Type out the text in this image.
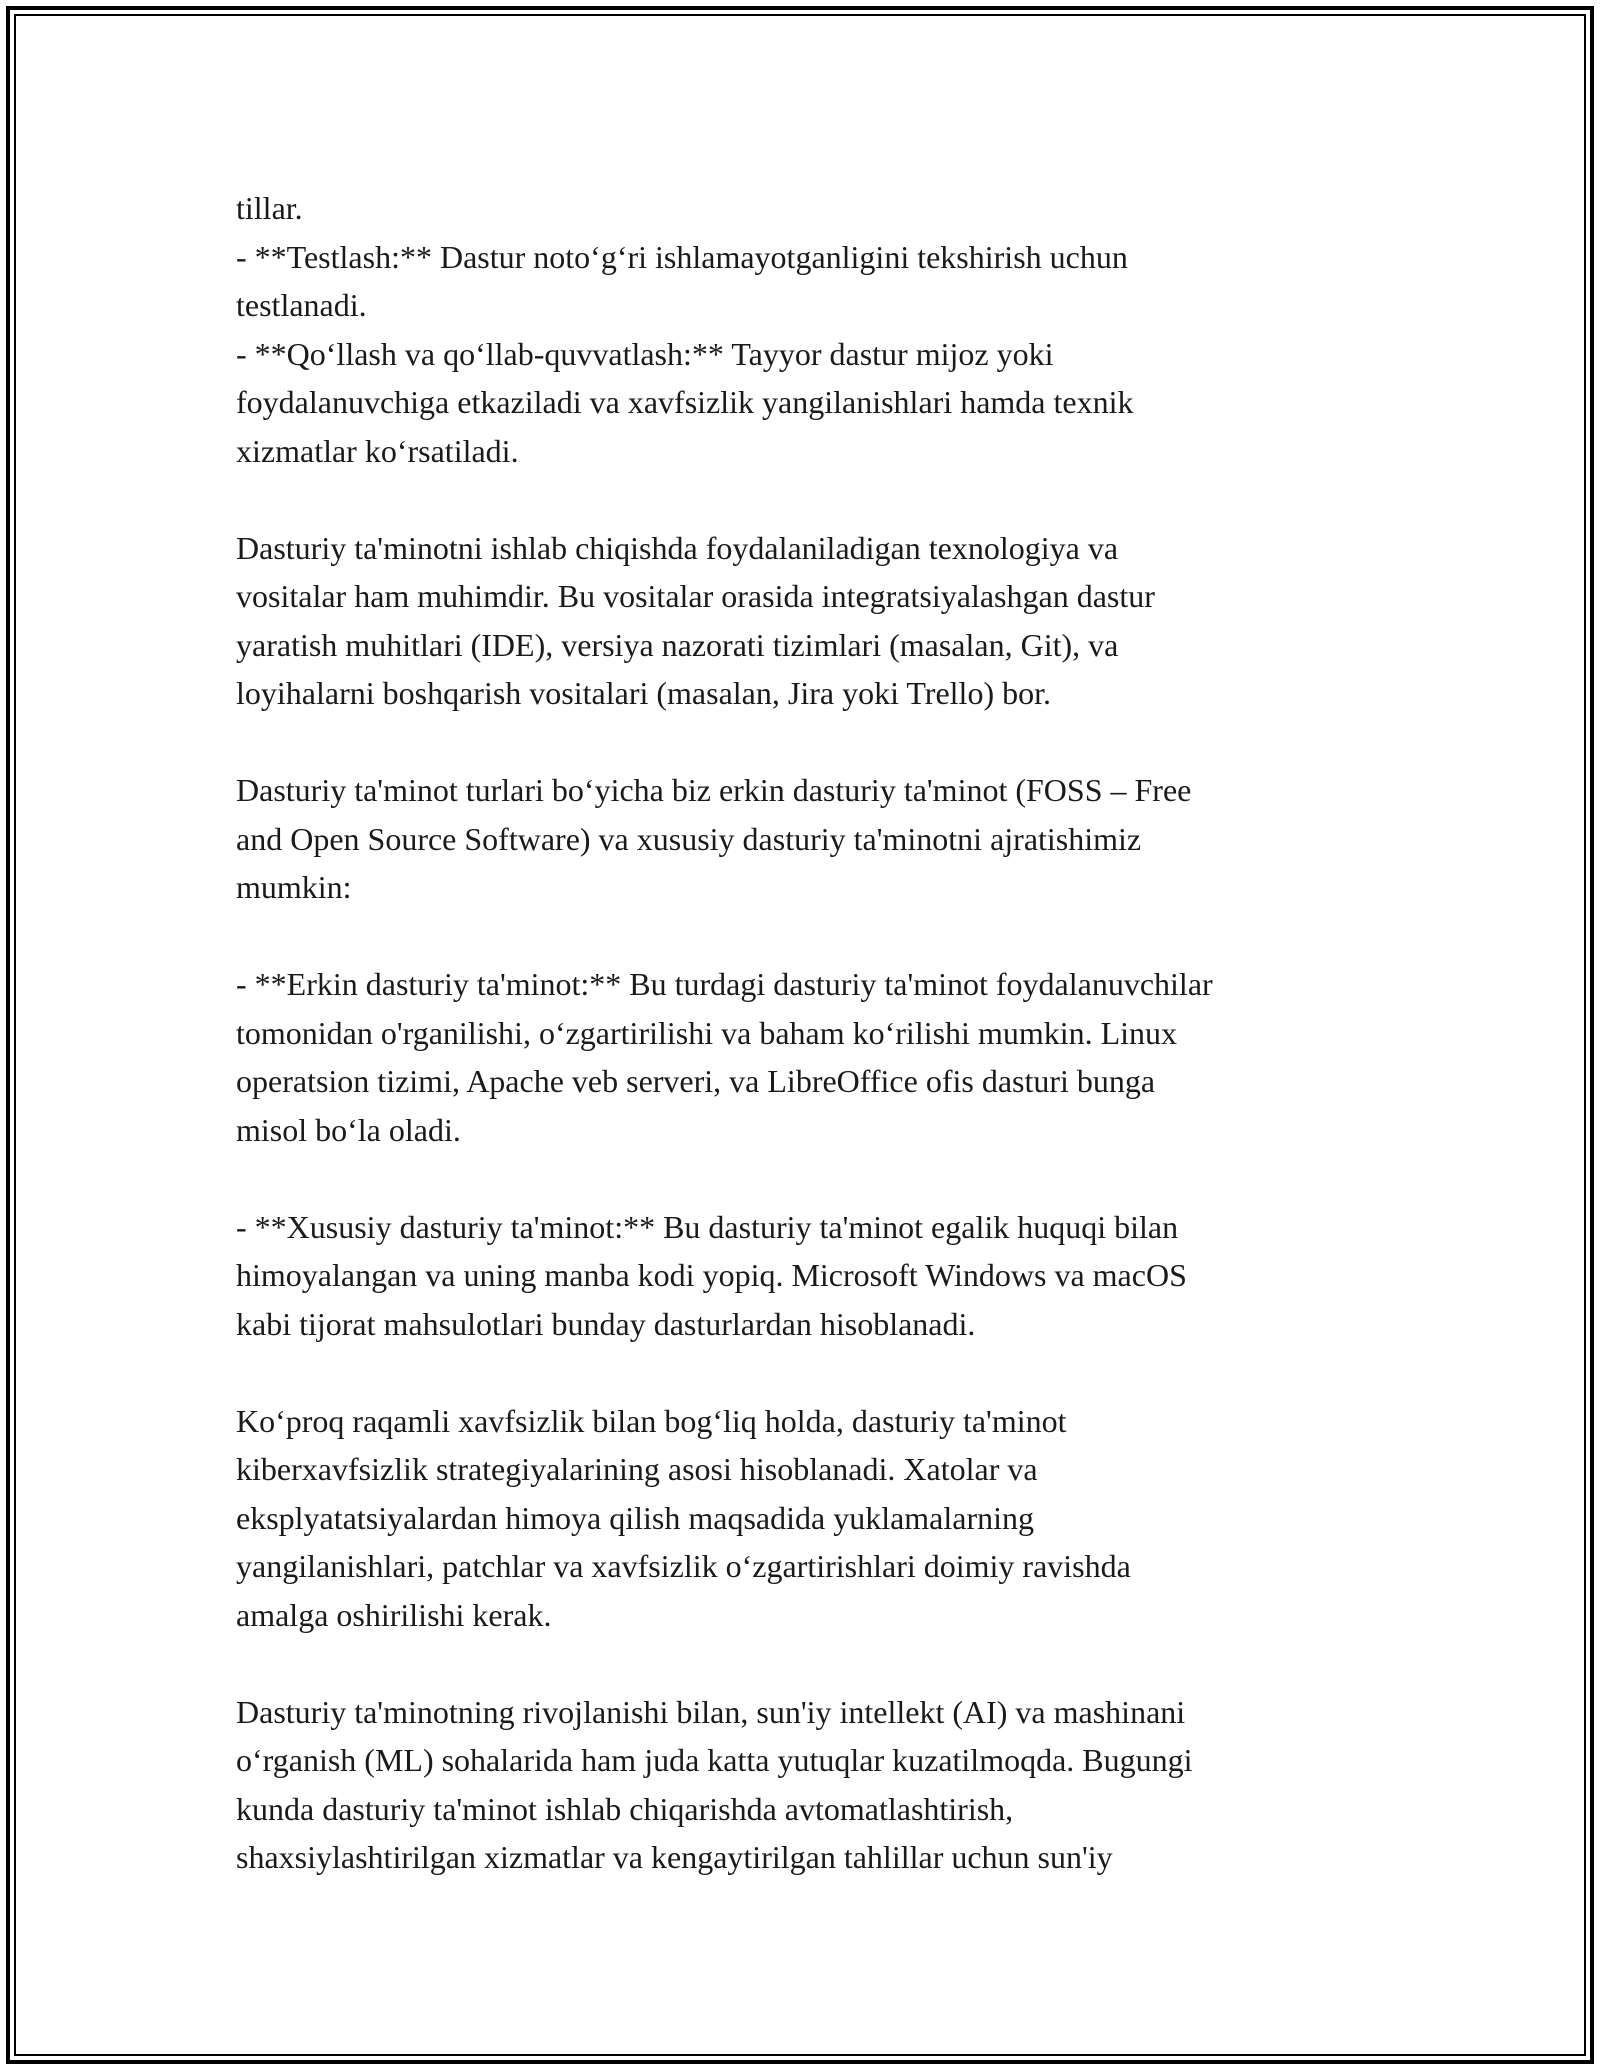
tillar.
- **Testlash:** Dastur noto‘g‘ri ishlamayotganligini tekshirish uchun
testlanadi.
- **Qo‘llash va qo‘llab-quvvatlash:** Tayyor dastur mijoz yoki
foydalanuvchiga etkaziladi va xavfsizlik yangilanishlari hamda texnik
xizmatlar ko‘rsatiladi.

Dasturiy ta'minotni ishlab chiqishda foydalaniladigan texnologiya va
vositalar ham muhimdir. Bu vositalar orasida integratsiyalashgan dastur
yaratish muhitlari (IDE), versiya nazorati tizimlari (masalan, Git), va
loyihalarni boshqarish vositalari (masalan, Jira yoki Trello) bor.

Dasturiy ta'minot turlari bo‘yicha biz erkin dasturiy ta'minot (FOSS – Free
and Open Source Software) va xususiy dasturiy ta'minotni ajratishimiz
mumkin:

- **Erkin dasturiy ta'minot:** Bu turdagi dasturiy ta'minot foydalanuvchilar
tomonidan o'rganilishi, o‘zgartirilishi va baham ko‘rilishi mumkin. Linux
operatsion tizimi, Apache veb serveri, va LibreOffice ofis dasturi bunga
misol bo‘la oladi.

- **Xususiy dasturiy ta'minot:** Bu dasturiy ta'minot egalik huquqi bilan
himoyalangan va uning manba kodi yopiq. Microsoft Windows va macOS
kabi tijorat mahsulotlari bunday dasturlardan hisoblanadi.

Ko‘proq raqamli xavfsizlik bilan bog‘liq holda, dasturiy ta'minot
kiberxavfsizlik strategiyalarining asosi hisoblanadi. Xatolar va
eksplуatatsiyalardan himoya qilish maqsadida yuklamalarning
yangilanishlari, patchlar va xavfsizlik o‘zgartirishlari doimiy ravishda
amalga oshirilishi kerak.

Dasturiy ta'minotning rivojlanishi bilan, sun'iy intellekt (AI) va mashinani
o‘rganish (ML) sohalarida ham juda katta yutuqlar kuzatilmoqda. Bugungi
kunda dasturiy ta'minot ishlab chiqarishda avtomatlashtirish,
shaxsiylashtirilgan xizmatlar va kengaytirilgan tahlillar uchun sun'iy
